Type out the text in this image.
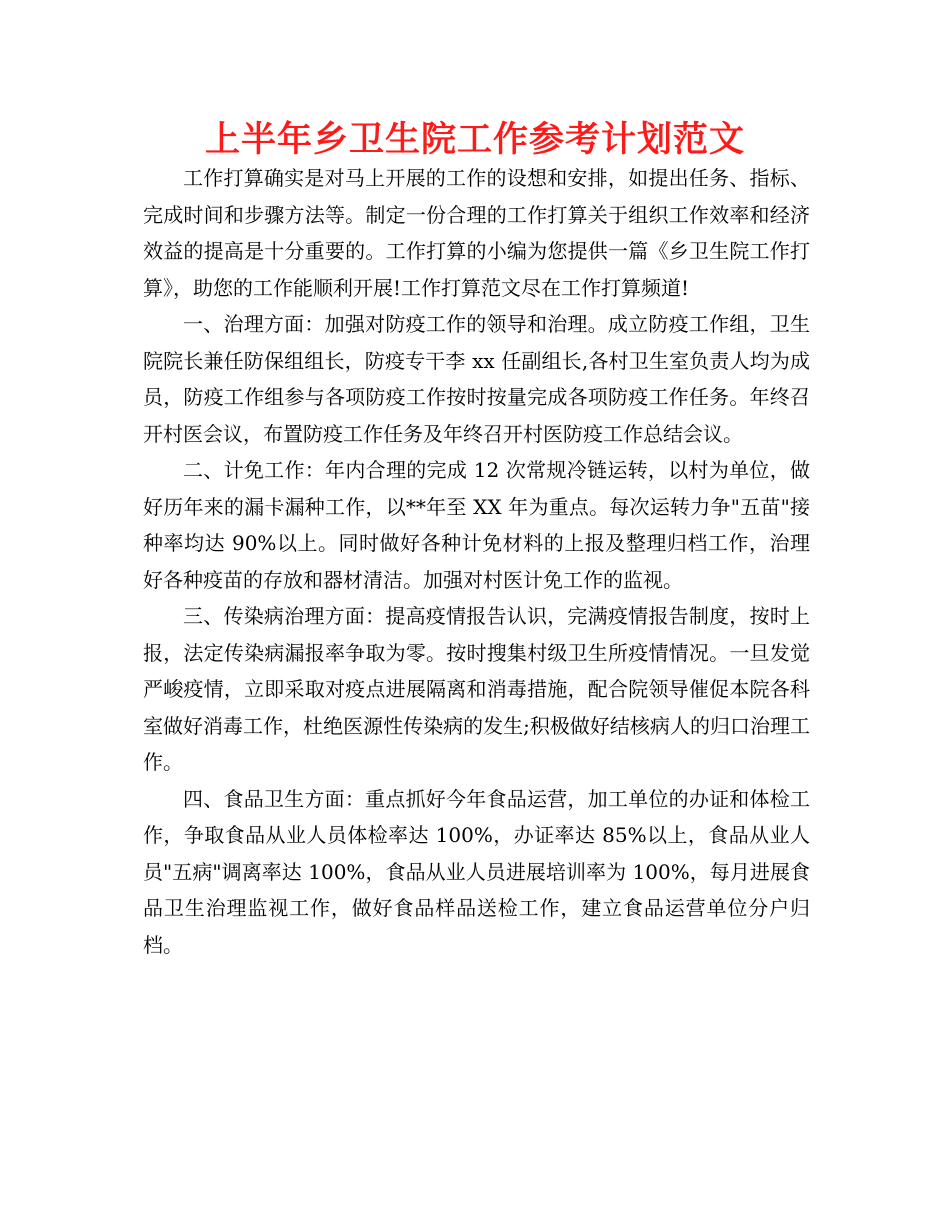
上半年乡卫生院工作参考计划范文

工作打算确实是对马上开展的工作的设想和安排，如提出任务、指标、完成时间和步骤方法等。制定一份合理的工作打算关于组织工作效率和经济效益的提高是十分重要的。工作打算的小编为您提供一篇《乡卫生院工作打算》，助您的工作能顺利开展!工作打算范文尽在工作打算频道!

一、治理方面：加强对防疫工作的领导和治理。成立防疫工作组，卫生院院长兼任防保组组长，防疫专干李 xx 任副组长,各村卫生室负责人均为成员，防疫工作组参与各项防疫工作按时按量完成各项防疫工作任务。年终召开村医会议，布置防疫工作任务及年终召开村医防疫工作总结会议。

二、计免工作：年内合理的完成 12 次常规冷链运转，以村为单位，做好历年来的漏卡漏种工作，以**年至 XX 年为重点。每次运转力争"五苗"接种率均达 90%以上。同时做好各种计免材料的上报及整理归档工作，治理好各种疫苗的存放和器材清洁。加强对村医计免工作的监视。

三、传染病治理方面：提高疫情报告认识，完满疫情报告制度，按时上报，法定传染病漏报率争取为零。按时搜集村级卫生所疫情情况。一旦发觉严峻疫情，立即采取对疫点进展隔离和消毒措施，配合院领导催促本院各科室做好消毒工作，杜绝医源性传染病的发生;积极做好结核病人的归口治理工作。

四、食品卫生方面：重点抓好今年食品运营，加工单位的办证和体检工作，争取食品从业人员体检率达 100%，办证率达 85%以上，食品从业人员"五病"调离率达 100%，食品从业人员进展培训率为 100%，每月进展食品卫生治理监视工作，做好食品样品送检工作，建立食品运营单位分户归档。
